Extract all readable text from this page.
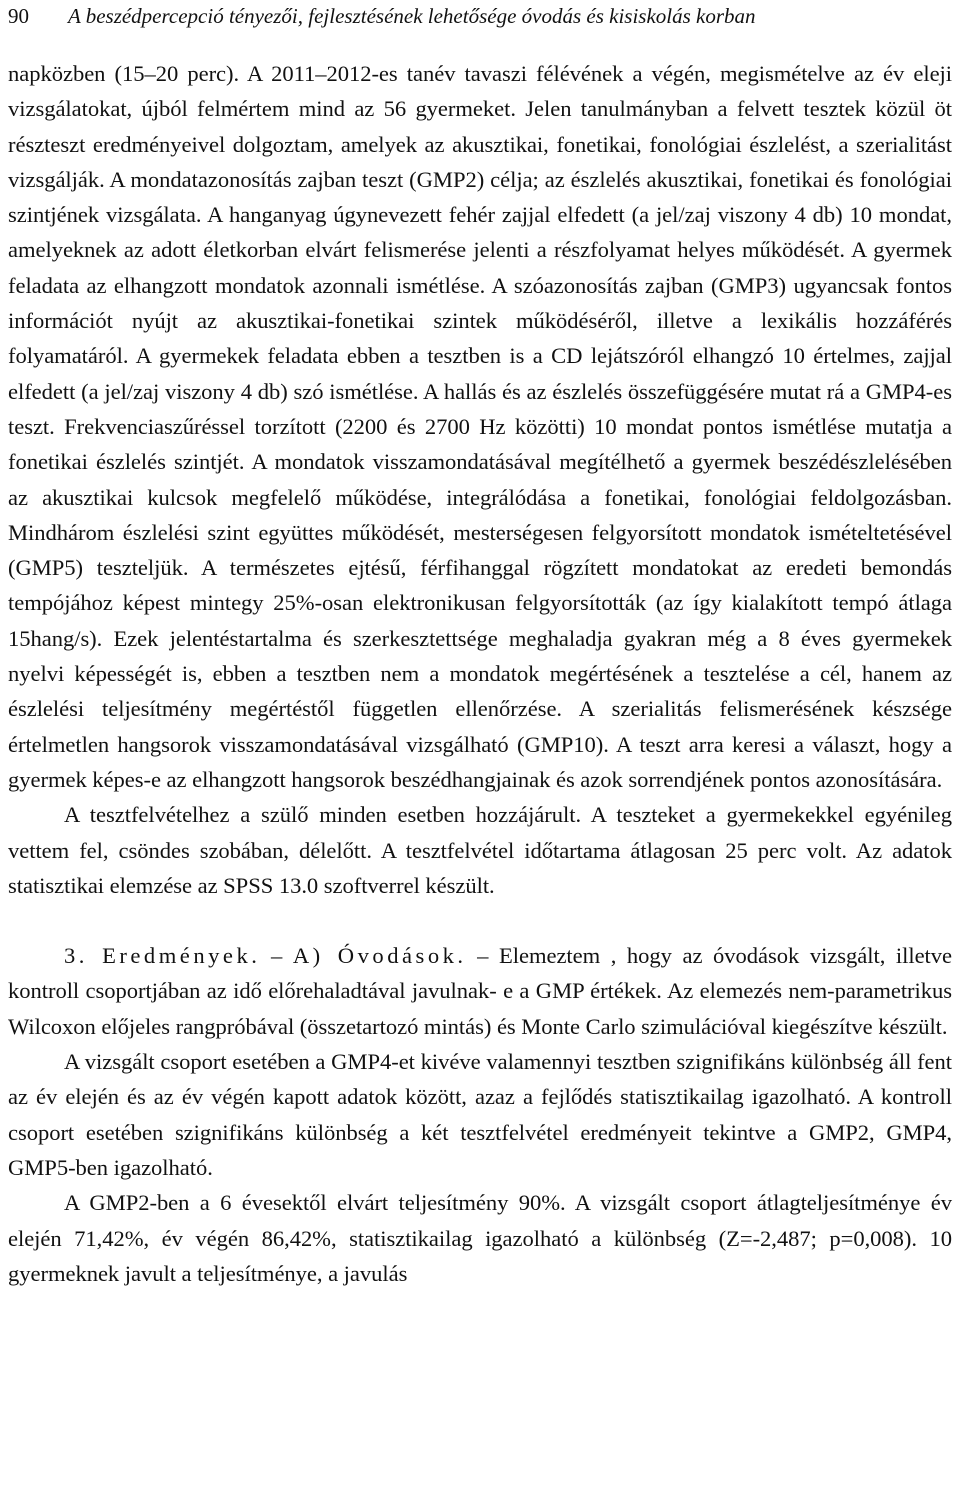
90 A beszédpercepció tényezői, fejlesztésének lehetősége óvodás és kisiskolás korban

napközben (15–20 perc). A 2011–2012-es tanév tavaszi félévének a végén, megismételve az év eleji vizsgálatokat, újból felmértem mind az 56 gyermeket. Jelen tanulmányban a felvett tesztek közül öt részteszt eredményeivel dolgoztam, amelyek az akusztikai, fonetikai, fonológiai észlelést, a szerialitást vizsgálják. A mondatazonosítás zajban teszt (GMP2) célja; az észlelés akusztikai, fonetikai és fonológiai szintjének vizsgálata. A hanganyag úgynevezett fehér zajjal elfedett (a jel/zaj viszony 4 db) 10 mondat, amelyeknek az adott életkorban elvárt felismerése jelenti a részfolyamat helyes működését. A gyermek feladata az elhangzott mondatok azonnali ismétlése. A szóazonosítás zajban (GMP3) ugyancsak fontos információt nyújt az akusztikai-fonetikai szintek működéséről, illetve a lexikális hozzáférés folyamatáról. A gyermekek feladata ebben a tesztben is a CD lejátszóról elhangzó 10 értelmes, zajjal elfedett (a jel/zaj viszony 4 db) szó ismétlése. A hallás és az észlelés összefüggésére mutat rá a GMP4-es teszt. Frekvenciaszűréssel torzított (2200 és 2700 Hz közötti) 10 mondat pontos ismétlése mutatja a fonetikai észlelés szintjét. A mondatok visszamondatásával megítélhető a gyermek beszédészlelésében az akusztikai kulcsok megfelelő működése, integrálódása a fonetikai, fonológiai feldolgozásban. Mindhárom észlelési szint együttes működését, mesterségesen felgyorsított mondatok ismételtetésével (GMP5) teszteljük. A természetes ejtésű, férfihanggal rögzített mondatokat az eredeti bemondás tempójához képest mintegy 25%-osan elektronikusan felgyorsították (az így kialakított tempó átlaga 15hang/s). Ezek jelentéstartalma és szerkesztettsége meghaladja gyakran még a 8 éves gyermekek nyelvi képességét is, ebben a tesztben nem a mondatok megértésének a tesztelése a cél, hanem az észlelési teljesítmény megértéstől független ellenőrzése. A szerialitás felismerésének készsége értelmetlen hangsorok visszamondatásával vizsgálható (GMP10). A teszt arra keresi a választ, hogy a gyermek képes-e az elhangzott hangsorok beszédhangjainak és azok sorrendjének pontos azonosítására.

A tesztfelvételhez a szülő minden esetben hozzájárult. A teszteket a gyermekekkel egyénileg vettem fel, csöndes szobában, délelőtt. A tesztfelvétel időtartama átlagosan 25 perc volt. Az adatok statisztikai elemzése az SPSS 13.0 szoftverrel készült.

3. Eredmények. – A) Óvodások. – Elemeztem , hogy az óvodások vizsgált, illetve kontroll csoportjában az idő előrehaladtával javulnak- e a GMP értékek. Az elemezés nem-parametrikus Wilcoxon előjeles rangpróbával (összetartozó mintás) és Monte Carlo szimulációval kiegészítve készült.

A vizsgált csoport esetében a GMP4-et kivéve valamennyi tesztben szignifikáns különbség áll fent az év elején és az év végén kapott adatok között, azaz a fejlődés statisztikailag igazolható. A kontroll csoport esetében szignifikáns különbség a két tesztfelvétel eredményeit tekintve a GMP2, GMP4, GMP5-ben igazolható.

A GMP2-ben a 6 évesektől elvárt teljesítmény 90%. A vizsgált csoport átlagteljesítménye év elején 71,42%, év végén 86,42%, statisztikailag igazolható a különbség (Z=-2,487; p=0,008). 10 gyermeknek javult a teljesítménye, a javulás
